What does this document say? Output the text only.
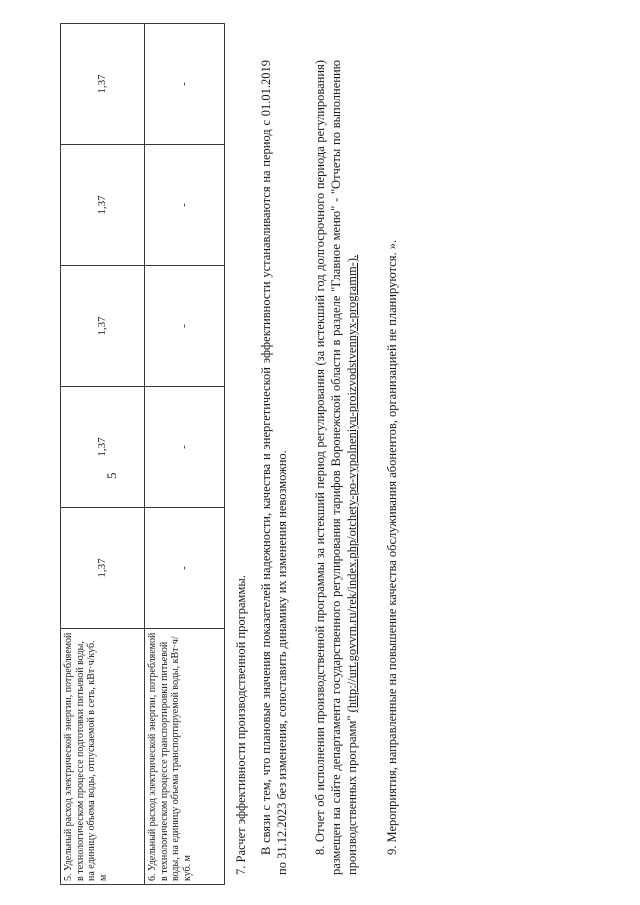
5
5. Удельный расход электрической энергии, потребляемой в технологическом процессе подготовки питьевой воды, на единицу объема воды, отпускаемой в сеть, кВт·ч/куб. м	1,37	1,37	1,37	1,37	1,37
6. Удельный расход электрической энергии, потребляемой в технологическом процессе транспортировки питьевой воды, на единицу объема транспортируемой воды, кВт·ч/куб. м	-	-	-	-	-
7. Расчет эффективности производственной программы. В связи с тем, что плановые значения показателей надежности, качества и энергетической эффективности устанавливаются на период с 01.01.2019 по 31.12.2023 без изменения, сопоставить динамику их изменения невозможно. 8. Отчет об исполнении производственной программы за истекший период регулирования (за истекший год долгосрочного периода регулирования) размещен на сайте департамента государственного регулирования тарифов Воронежской области в разделе "Главное меню" - "Отчеты по выполнению производственных программ" (http://urt.govvrn.ru/rek/index.php/otchety-po-vypolneniyu-proizvodstvennyx-programm-). 9. Мероприятия, направленные на повышение качества обслуживания абонентов, организацией не планируются. ».
